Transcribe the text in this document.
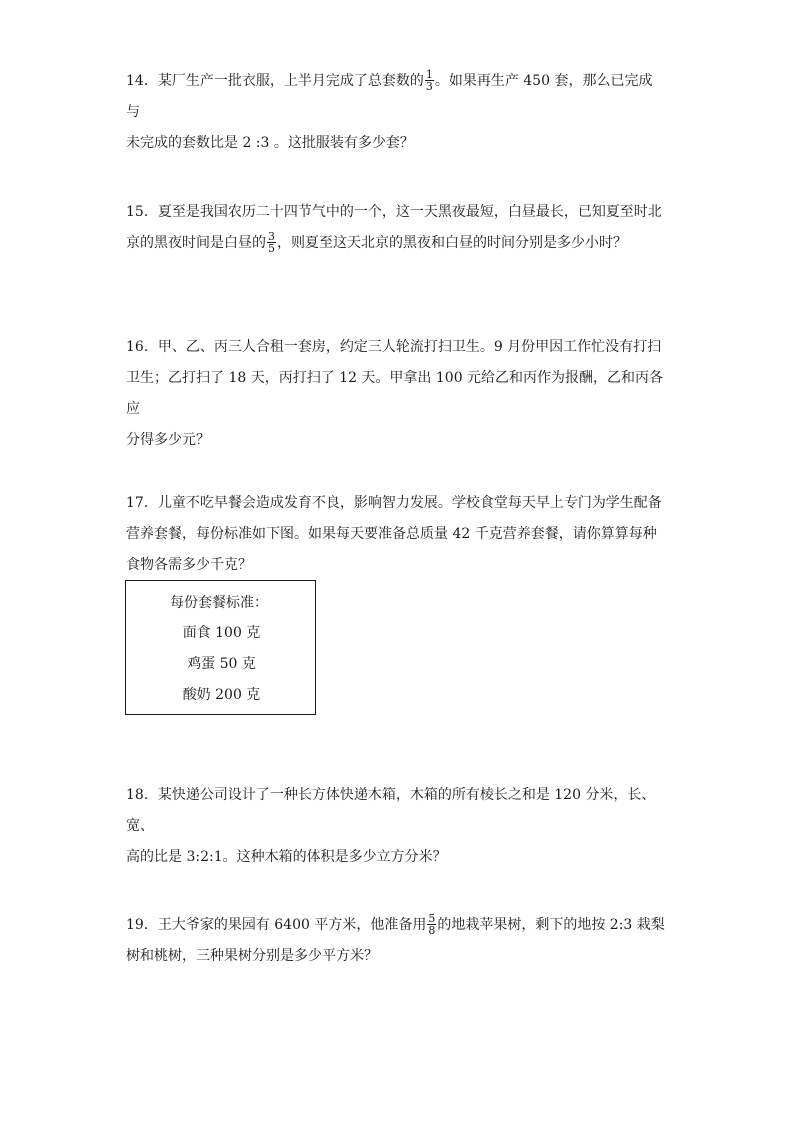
14．某厂生产一批衣服，上半月完成了总套数的 $\frac{1}{3}$ 。如果再生产 450 套，那么已完成与
未完成的套数比是 2 :3 。这批服装有多少套？
15．夏至是我国农历二十四节气中的一个，这一天黑夜最短，白昼最长，已知夏至时北
京的黑夜时间是白昼的 $\frac{3}{5}$ ，则夏至这天北京的黑夜和白昼的时间分别是多少小时？
16．甲、乙、丙三人合租一套房，约定三人轮流打扫卫生。9 月份甲因工作忙没有打扫
卫生；乙打扫了 18 天，丙打扫了 12 天。甲拿出 100 元给乙和丙作为报酬，乙和丙各应
分得多少元？
17．儿童不吃早餐会造成发育不良，影响智力发展。学校食堂每天早上专门为学生配备
营养套餐，每份标准如下图。如果每天要准备总质量 42 千克营养套餐，请你算算每种
食物各需多少千克？
每份套餐标准：
面食 100 克
鸡蛋 50 克
酸奶 200 克
18．某快递公司设计了一种长方体快递木箱，木箱的所有棱长之和是 120 分米，长、宽、
高的比是 3:2:1。这种木箱的体积是多少立方分米？
19．王大爷家的果园有 6400 平方米，他准备用 $\frac{5}{8}$ 的地栽苹果树，剩下的地按 2:3 栽梨
树和桃树，三种果树分别是多少平方米？
